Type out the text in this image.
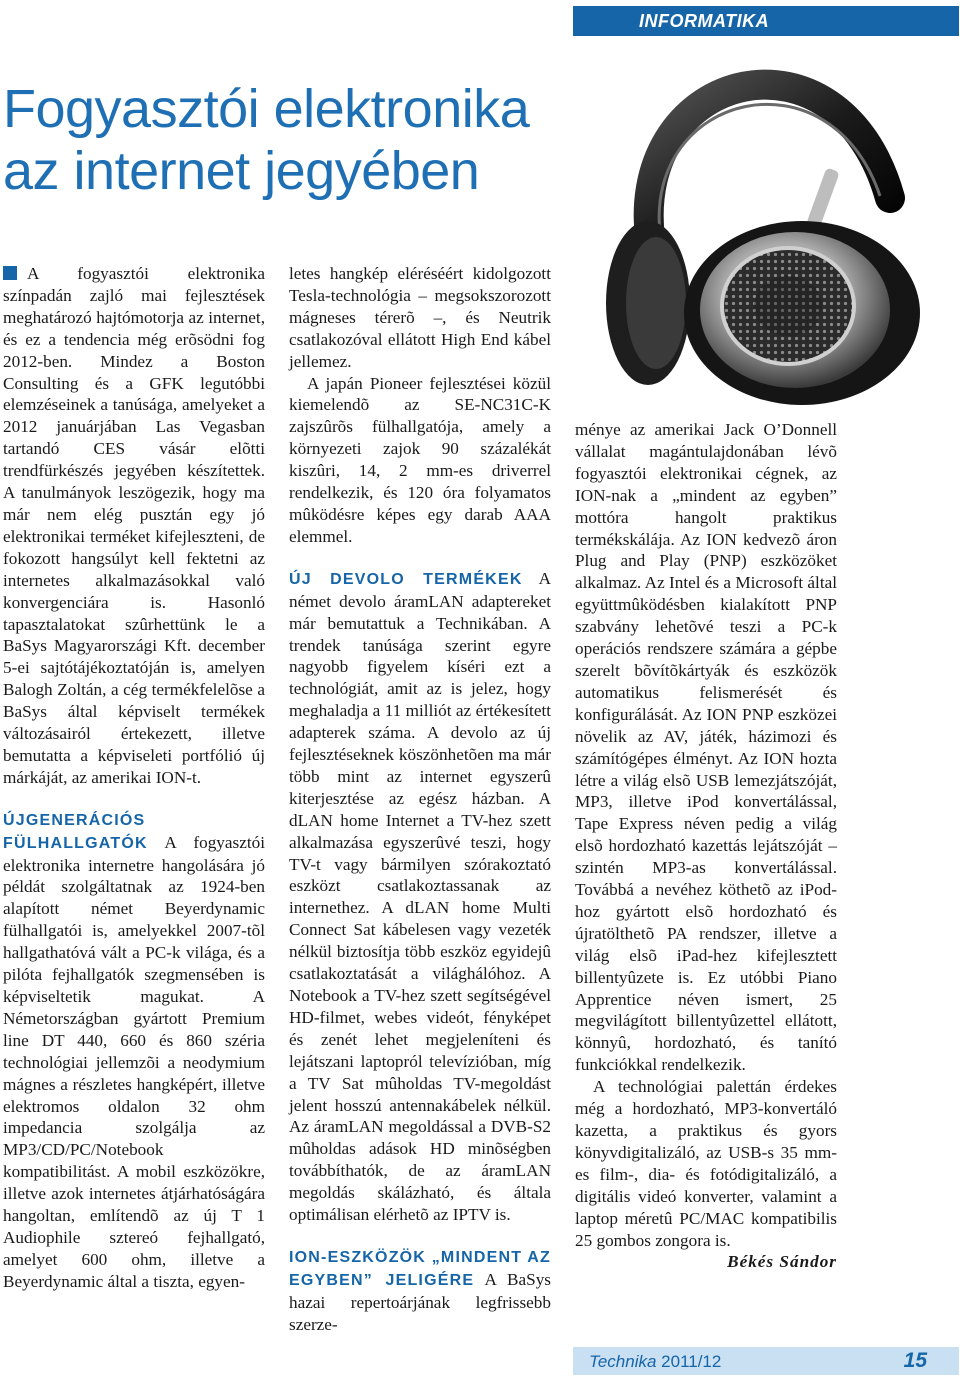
INFORMATIKA
Fogyasztói elektronika
az internet jegyében

A fogyasztói elektronika színpadán zajló mai fejlesztések meghatározó hajtómotorja az internet, és ez a tendencia még erõsödni fog 2012-ben. Mindez a Boston Consulting és a GFK legutóbbi elemzéseinek a tanúsága, amelyeket a 2012 januárjában Las Vegasban tartandó CES vásár elõtti trendfürkészés jegyében készítettek. A tanulmányok leszögezik, hogy ma már nem elég pusztán egy jó elektronikai terméket kifejleszteni, de fokozott hangsúlyt kell fektetni az internetes alkalmazásokkal való konvergenciára is. Hasonló tapasztalatokat szûrhettünk le a BaSys Magyarországi Kft. december 5-ei sajtótájékoztatóján is, amelyen Balogh Zoltán, a cég termékfelelõse a BaSys által képviselt termékek változásairól értekezett, illetve bemutatta a képviseleti portfólió új márkáját, az amerikai ION-t.

ÚJGENERÁCIÓS FÜLHALLGATÓK A fogyasztói elektronika internetre hangolására jó példát szolgáltatnak az 1924-ben alapított német Beyerdynamic fülhallgatói is, amelyekkel 2007-tõl hallgathatóvá vált a PC-k világa, és a pilóta fejhallgatók szegmensében is képviseltetik magukat. A Németországban gyártott Premium line DT 440, 660 és 860 széria technológiai jellemzõi a neodymium mágnes a részletes hangképért, illetve elektromos oldalon 32 ohm impedancia szolgálja az MP3/CD/PC/Notebook kompatibilitást. A mobil eszközökre, illetve azok internetes átjárhatóságára hangoltan, említendõ az új T 1 Audiophile sztereó fejhallgató, amelyet 600 ohm, illetve a Beyerdynamic által a tiszta, egyen-

letes hangkép eléréséért kidolgozott Tesla-technológia – megsokszorozott mágneses térerõ –, és Neutrik csatlakozóval ellátott High End kábel jellemez.

A japán Pioneer fejlesztései közül kiemelendõ az SE-NC31C-K zajszûrõs fülhallgatója, amely a környezeti zajok 90 százalékát kiszûri, 14, 2 mm-es driverrel rendelkezik, és 120 óra folyamatos mûködésre képes egy darab AAA elemmel.

ÚJ DEVOLO TERMÉKEK A német devolo áramLAN adaptereket már bemutattuk a Technikában. A trendek tanúsága szerint egyre nagyobb figyelem kíséri ezt a technológiát, amit az is jelez, hogy meghaladja a 11 milliót az értékesített adapterek száma. A devolo az új fejlesztéseknek köszönhetõen ma már több mint az internet egyszerû kiterjesztése az egész házban. A dLAN home Internet a TV-hez szett alkalmazása egyszerûvé teszi, hogy TV-t vagy bármilyen szórakoztató eszközt csatlakoztassanak az internethez. A dLAN home Multi Connect Sat kábelesen vagy vezeték nélkül biztosítja több eszköz egyidejû csatlakoztatását a világhálóhoz. A Notebook a TV-hez szett segítségével HD-filmet, webes videót, fényképet és zenét lehet megjeleníteni és lejátszani laptopról televízióban, míg a TV Sat mûholdas TV-megoldást jelent hosszú antennakábelek nélkül. Az áramLAN megoldással a DVB-S2 mûholdas adások HD minõségben továbbíthatók, de az áramLAN megoldás skálázható, és általa optimálisan elérhetõ az IPTV is.

ION-ESZKÖZÖK „MINDENT AZ EGYBEN” JELIGÉRE A BaSys hazai repertoárjának legfrissebb szerze-

ménye az amerikai Jack O’Donnell vállalat magántulajdonában lévõ fogyasztói elektronikai cégnek, az ION-nak a „mindent az egyben” mottóra hangolt praktikus termékskálája. Az ION kedvezõ áron Plug and Play (PNP) eszközöket alkalmaz. Az Intel és a Microsoft által együttmûködésben kialakított PNP szabvány lehetõvé teszi a PC-k operációs rendszere számára a gépbe szerelt bõvítõkártyák és eszközök automatikus felismerését és konfigurálását. Az ION PNP eszközei növelik az AV, játék, házimozi és számítógépes élményt. Az ION hozta létre a világ elsõ USB lemezjátszóját, MP3, illetve iPod konvertálással, Tape Express néven pedig a világ elsõ hordozható kazettás lejátszóját – szintén MP3-as konvertálással. Továbbá a nevéhez köthetõ az iPod-hoz gyártott elsõ hordozható és újratölthetõ PA rendszer, illetve a világ elsõ iPad-hez kifejlesztett billentyûzete is. Ez utóbbi Piano Apprentice néven ismert, 25 megvilágított billentyûzettel ellátott, könnyû, hordozható, és tanító funkciókkal rendelkezik.

A technológiai palettán érdekes még a hordozható, MP3-konvertáló kazetta, a praktikus és gyors könyvdigitalizáló, az USB-s 35 mm-es film-, dia- és fotódigitalizáló, a digitális videó konverter, valamint a laptop méretû PC/MAC kompatibilis 25 gombos zongora is.

Békés Sándor

Technika 2011/12	15
